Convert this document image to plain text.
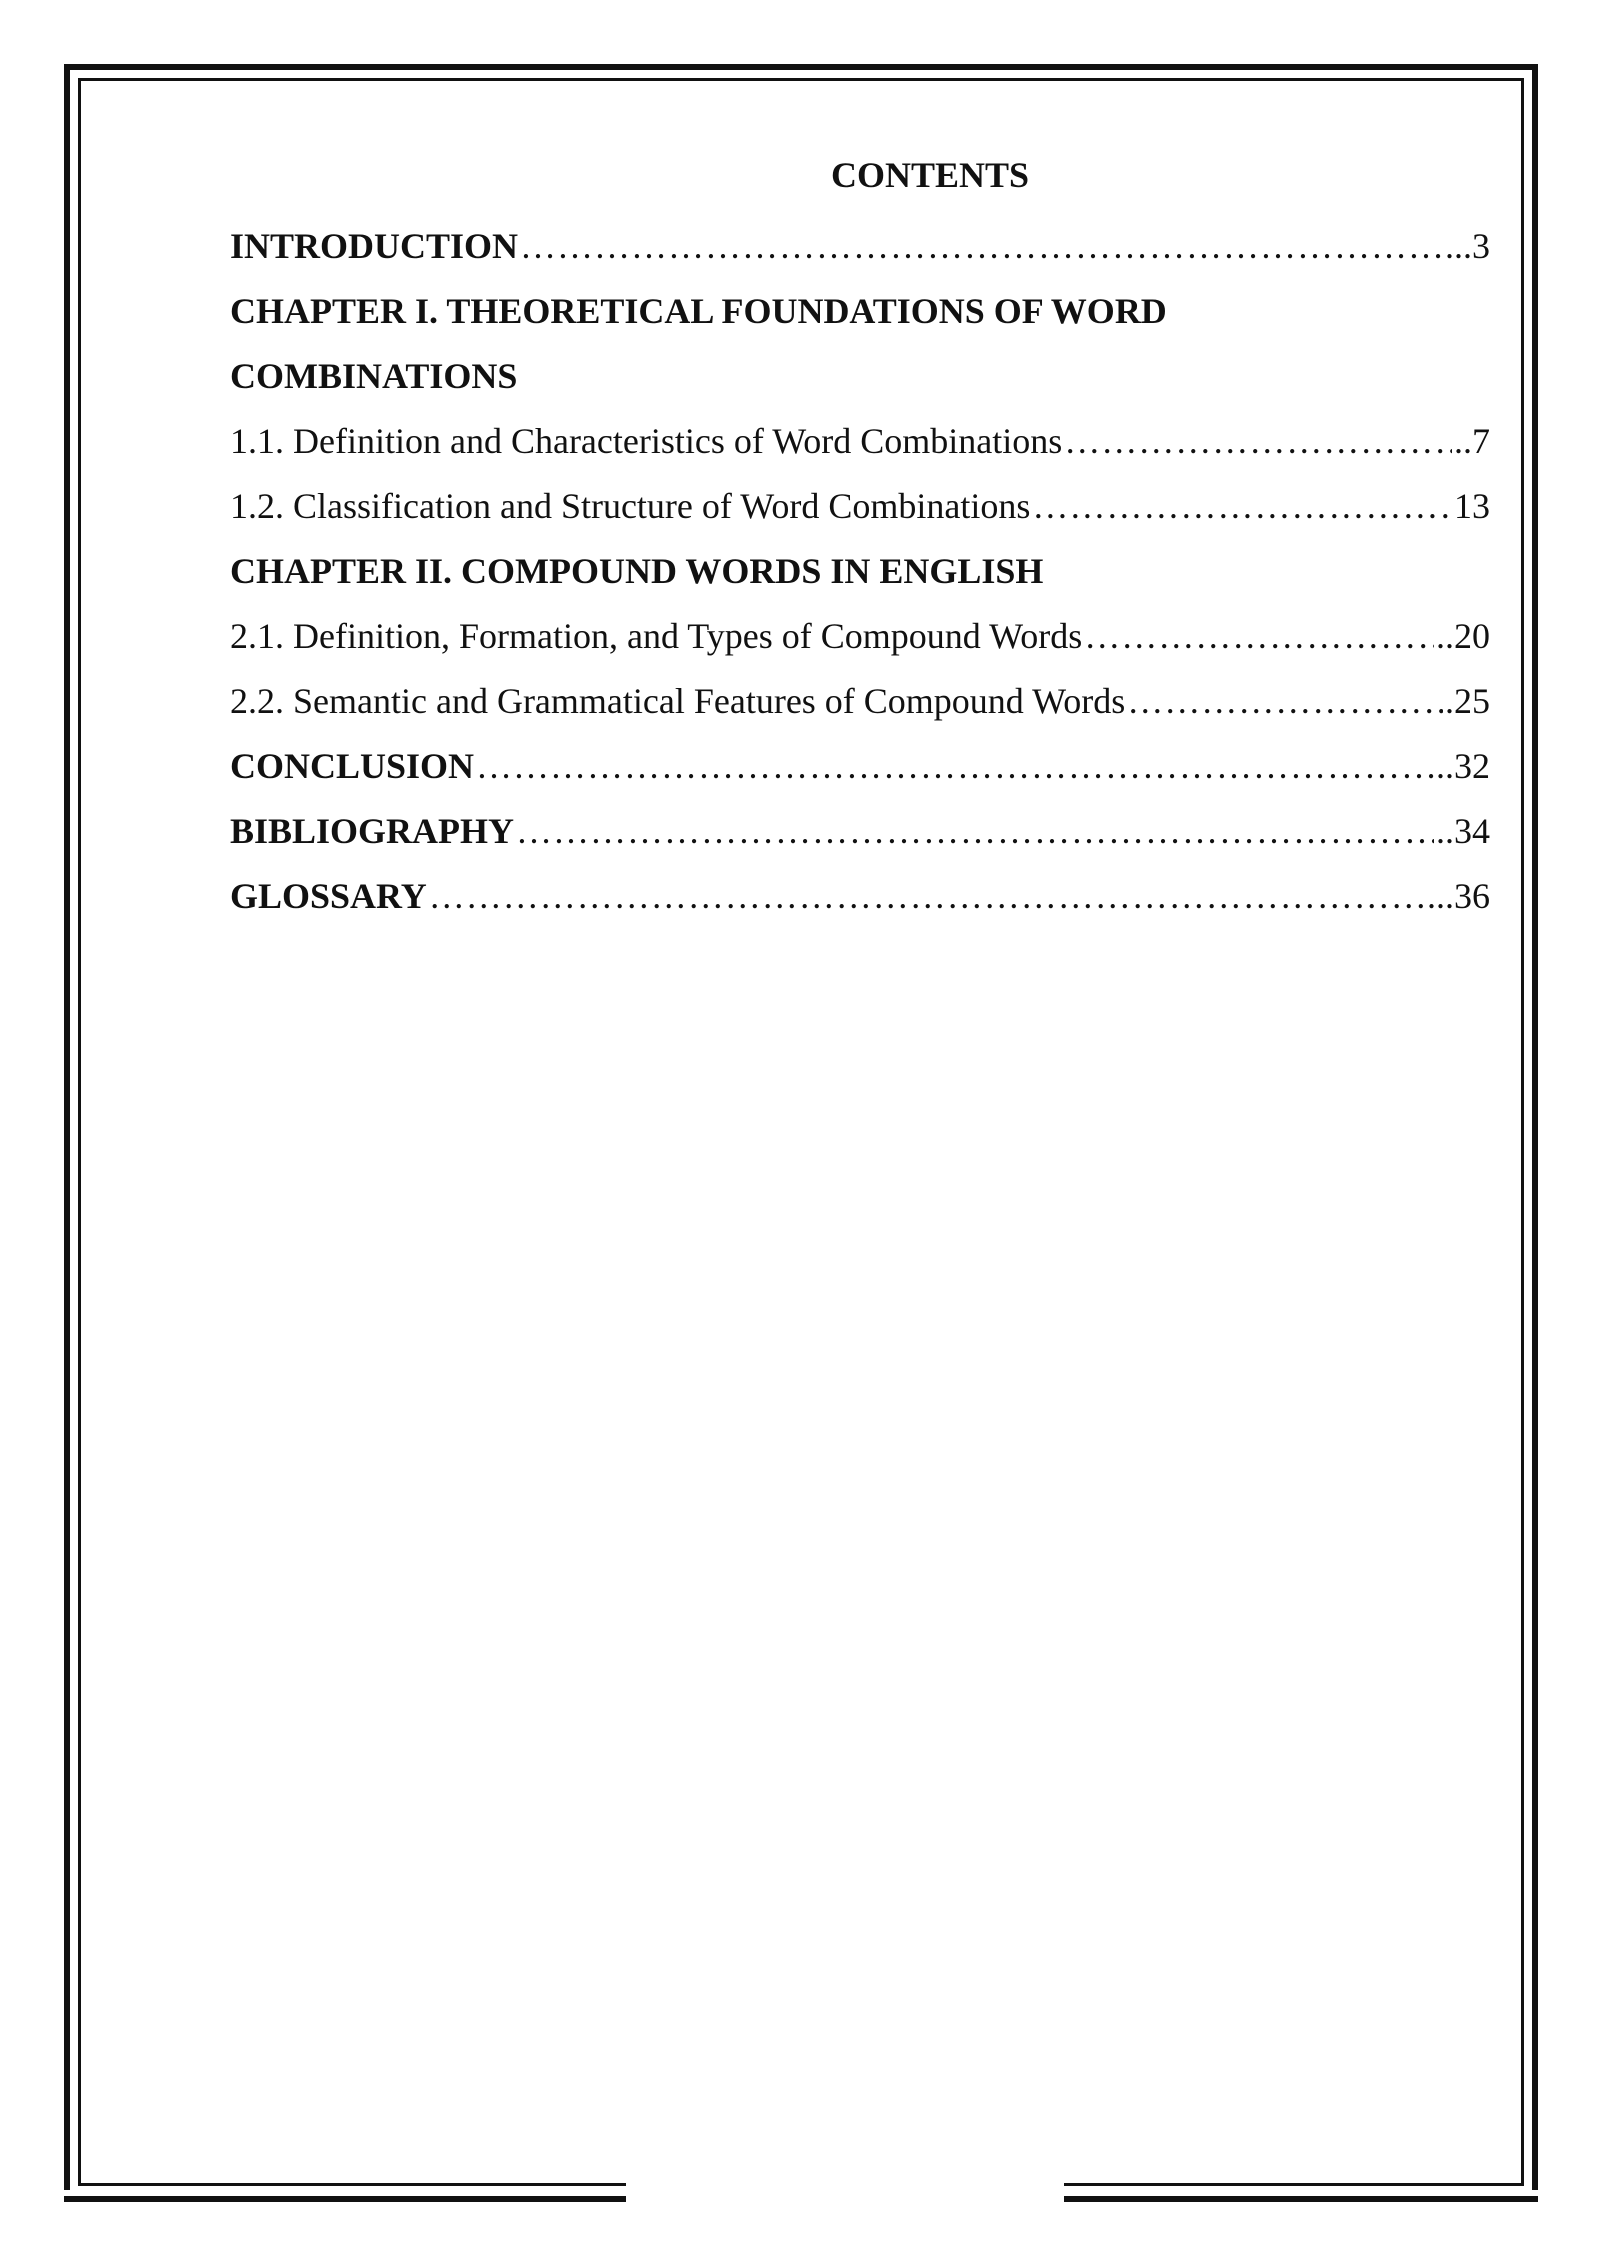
CONTENTS
INTRODUCTION …………………………………………………………………………………………………………………………………………………………………	...3
CHAPTER I. THEORETICAL FOUNDATIONS OF WORD
COMBINATIONS
1.1. Definition and Characteristics of Word Combinations …………………………………………………………………………………………………………………………………………………………………	..7
1.2. Classification and Structure of Word Combinations …………………………………………………………………………………………………………………………………………………………………	13
CHAPTER II. COMPOUND WORDS IN ENGLISH
2.1. Definition, Formation, and Types of Compound Words …………………………………………………………………………………………………………………………………………………………………	..20
2.2. Semantic and Grammatical Features of Compound Words …………………………………………………………………………………………………………………………………………………………………	.25
CONCLUSION …………………………………………………………………………………………………………………………………………………………………	..32
BIBLIOGRAPHY …………………………………………………………………………………………………………………………………………………………………	..34
GLOSSARY …………………………………………………………………………………………………………………………………………………………………	...36
